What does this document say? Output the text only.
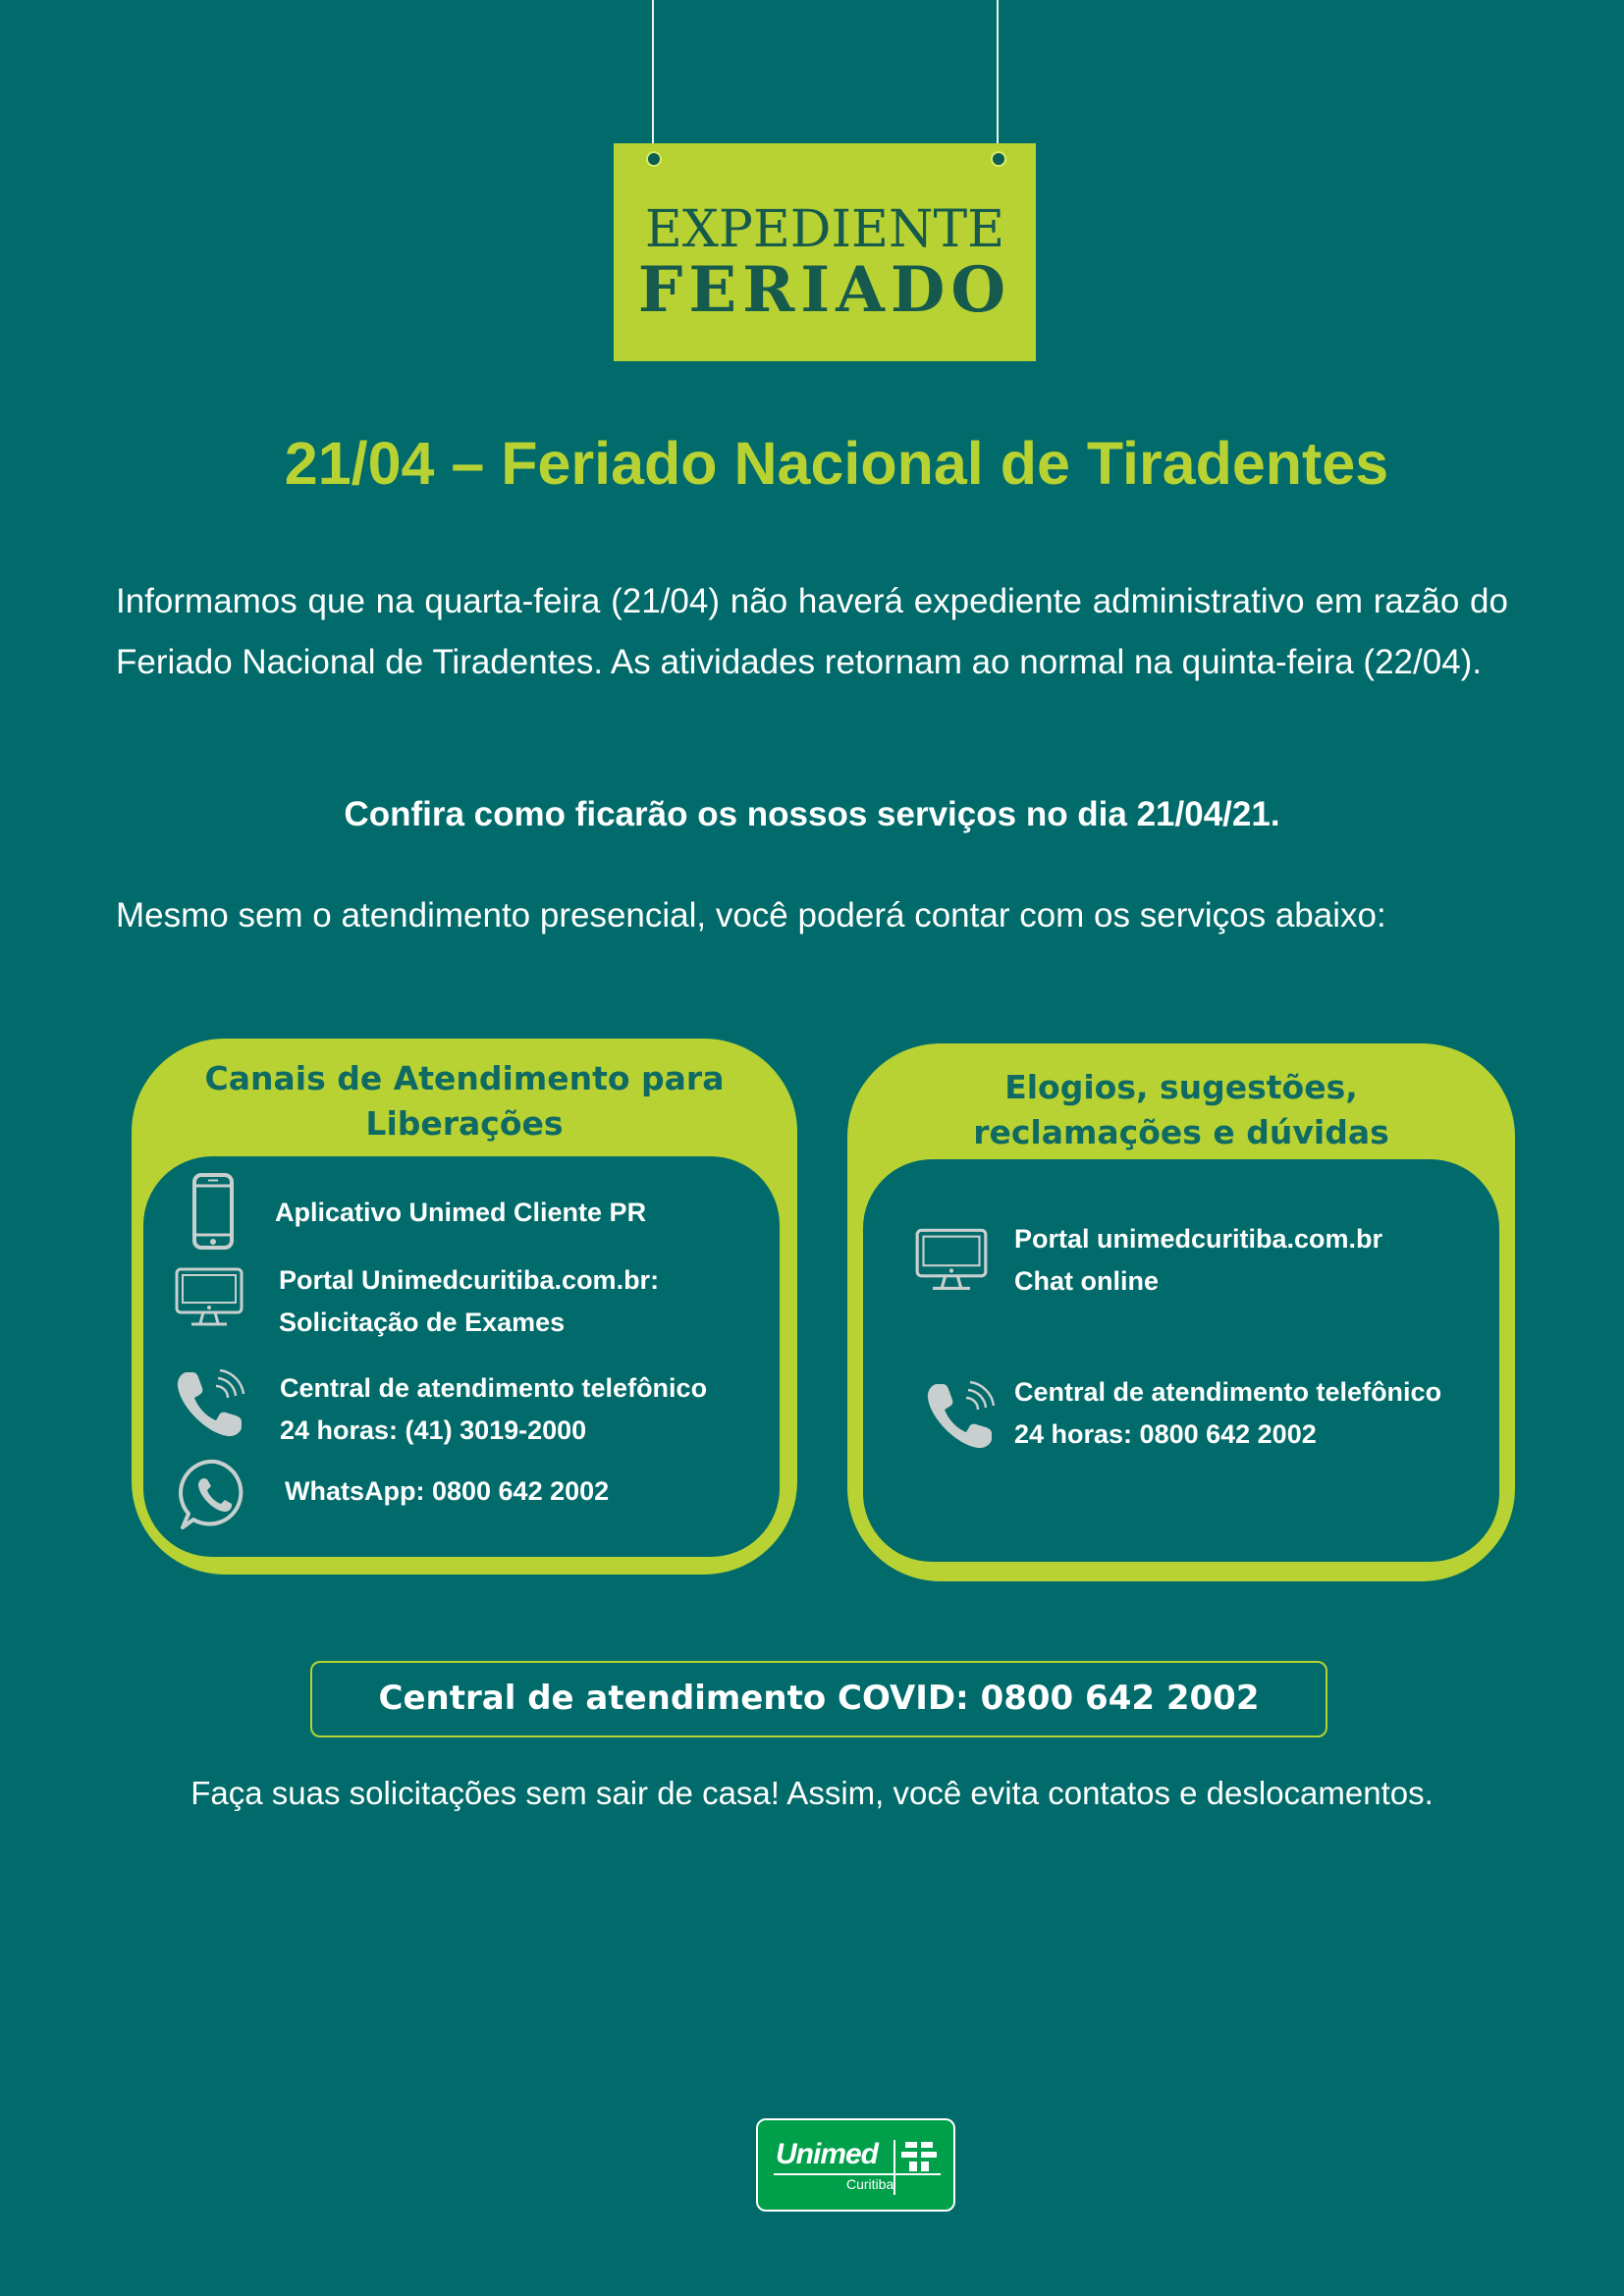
EXPEDIENTE
FERIADO
21/04 – Feriado Nacional de Tiradentes
Informamos que na quarta-feira (21/04) não haverá expediente administrativo em razão do Feriado Nacional de Tiradentes. As atividades retornam ao normal na quinta-feira (22/04).
Confira como ficarão os nossos serviços no dia 21/04/21.
Mesmo sem o atendimento presencial, você poderá contar com os serviços abaixo:
Canais de Atendimento para
Liberações
Aplicativo Unimed Cliente PR
Portal Unimedcuritiba.com.br:
Solicitação de Exames
Central de atendimento telefônico
24 horas: (41) 3019-2000
WhatsApp: 0800 642 2002
Elogios, sugestões,
reclamações e dúvidas
Portal unimedcuritiba.com.br
Chat online
Central de atendimento telefônico
24 horas: 0800 642 2002
Central de atendimento COVID: 0800 642 2002
Faça suas solicitações sem sair de casa! Assim, você evita contatos e deslocamentos.
Unimed
Curitiba
